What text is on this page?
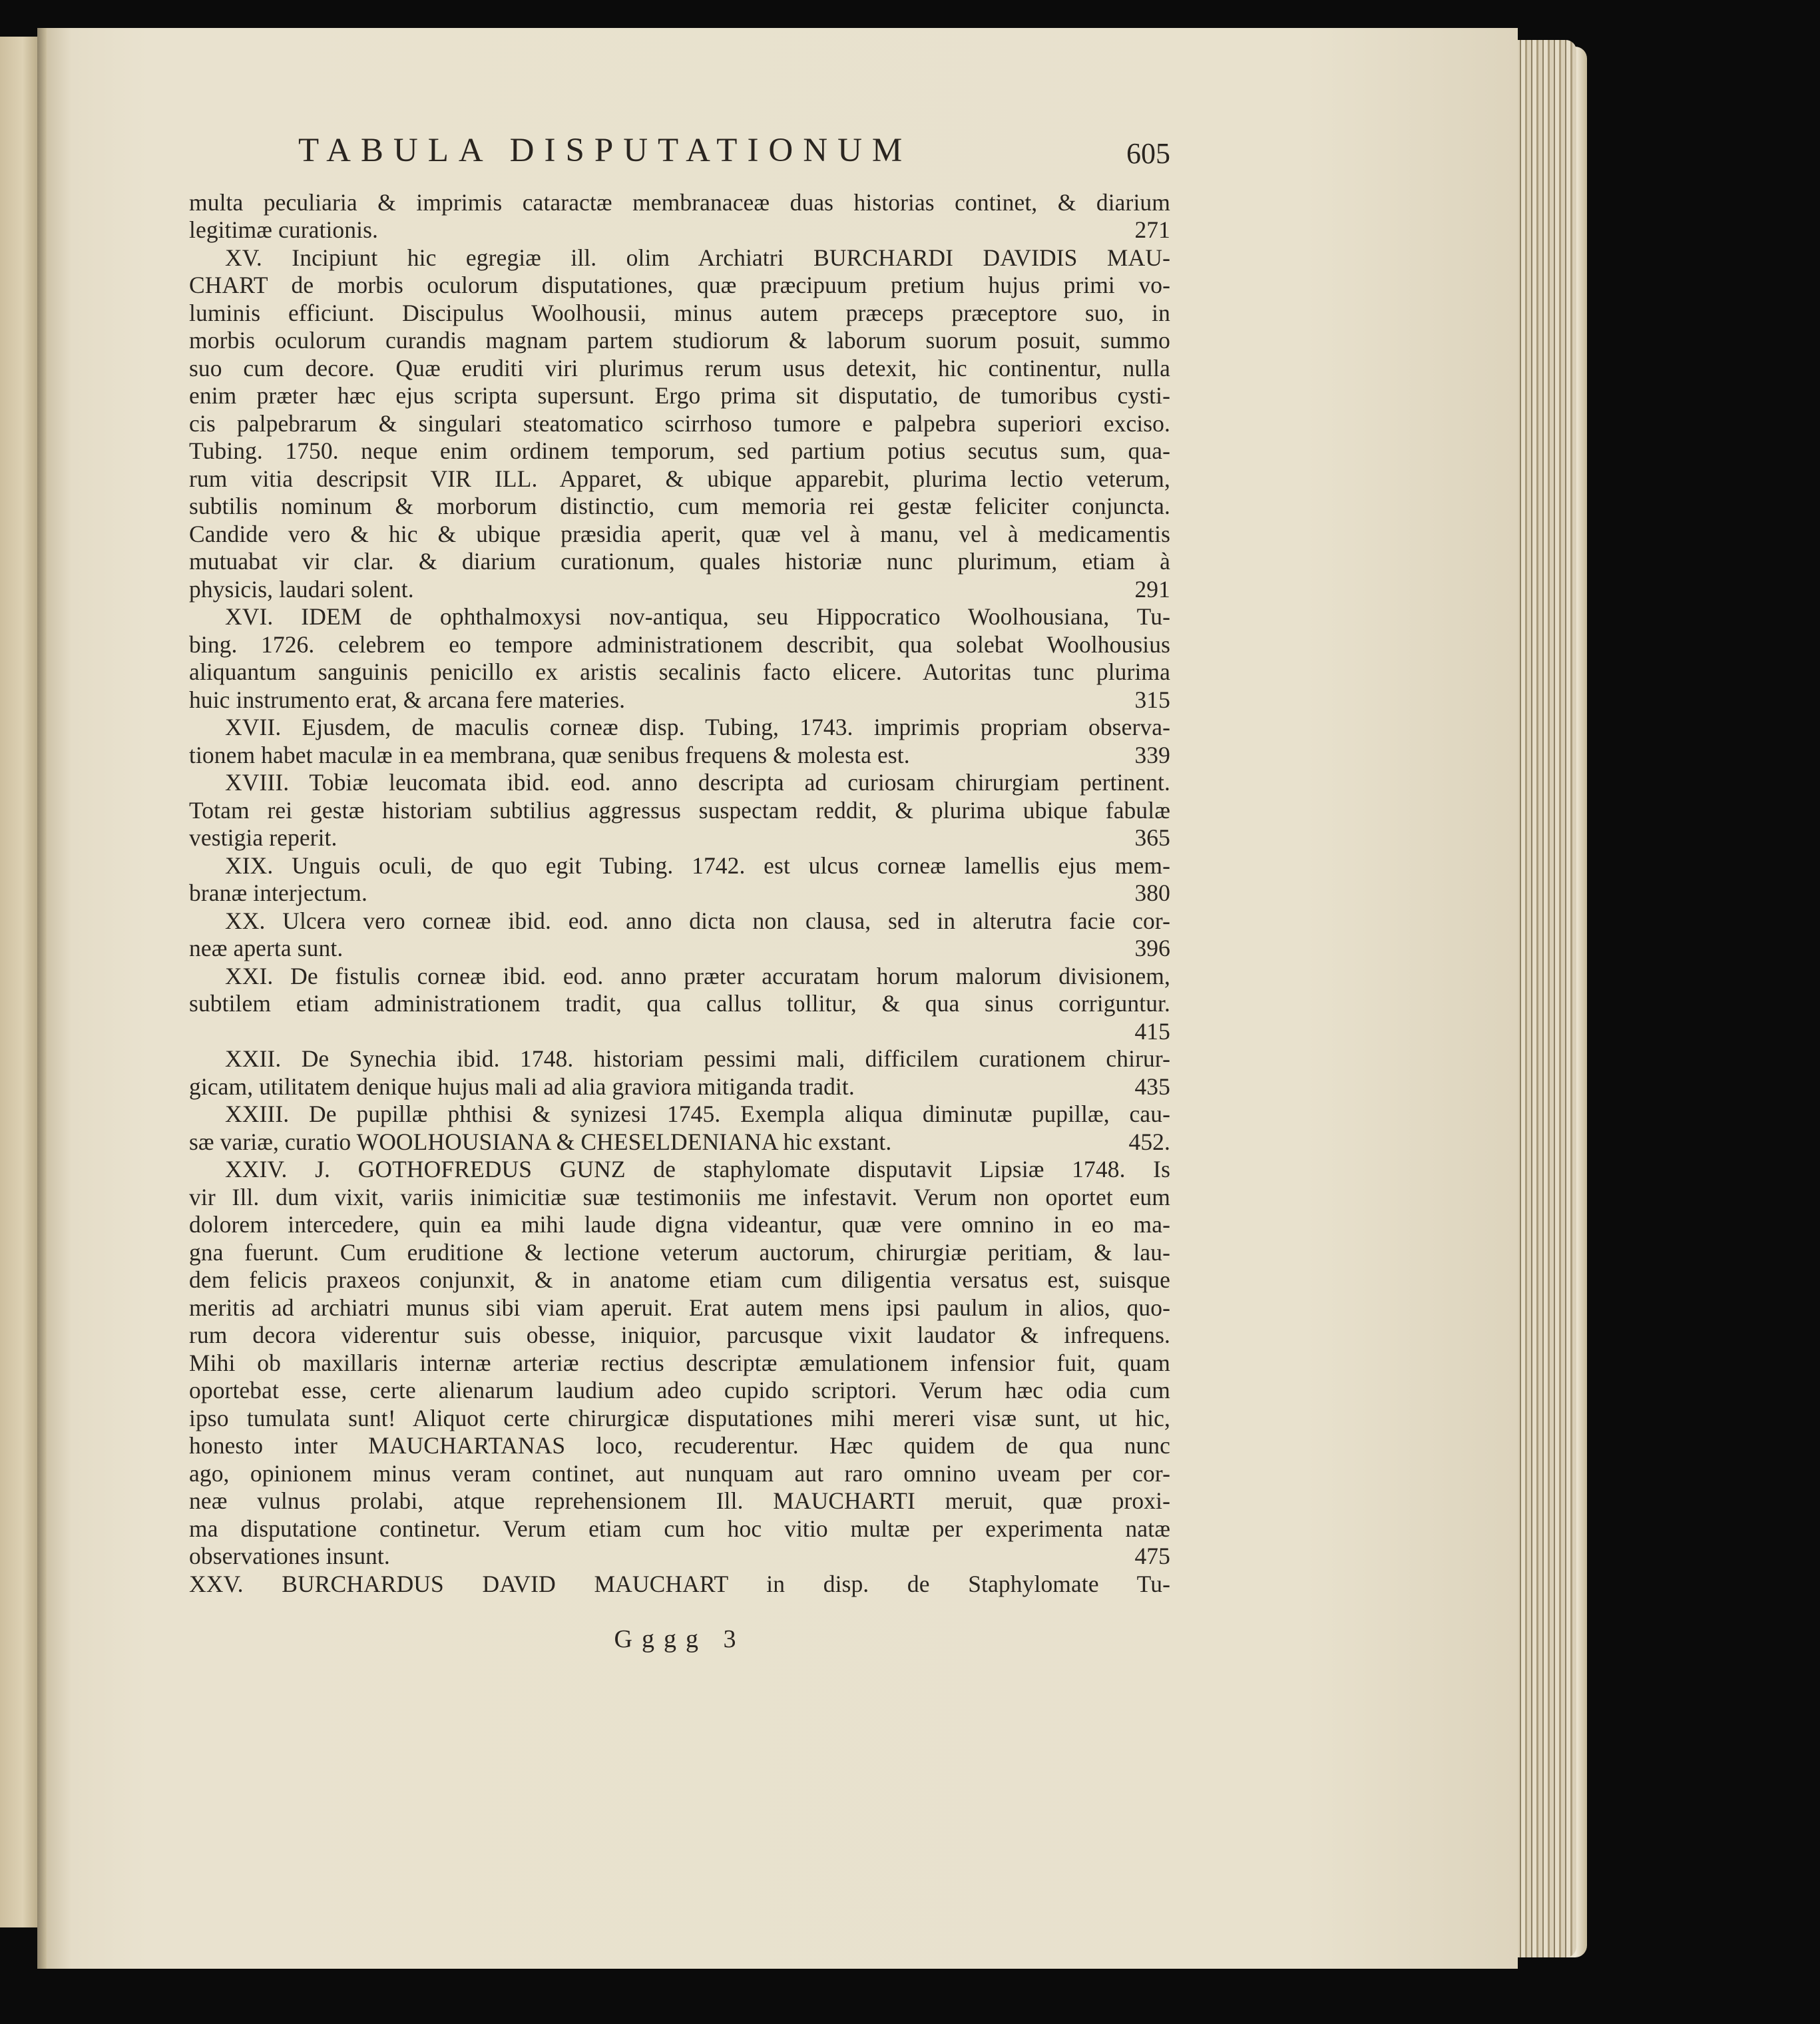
TABULA DISPUTATIONUM	605
multa peculiaria & imprimis cataractæ membranaceæ duas historias continet, & diarium
legitimæ curationis.	271
XV. Incipiunt hic egregiæ ill. olim Archiatri BURCHARDI DAVIDIS MAU-
CHART de morbis oculorum disputationes, quæ præcipuum pretium hujus primi vo-
luminis efficiunt. Discipulus Woolhousii, minus autem præceps præceptore suo, in
morbis oculorum curandis magnam partem studiorum & laborum suorum posuit, summo
suo cum decore. Quæ eruditi viri plurimus rerum usus detexit, hic continentur, nulla
enim præter hæc ejus scripta supersunt. Ergo prima sit disputatio, de tumoribus cysti-
cis palpebrarum & singulari steatomatico scirrhoso tumore e palpebra superiori exciso.
Tubing. 1750. neque enim ordinem temporum, sed partium potius secutus sum, qua-
rum vitia descripsit VIR ILL. Apparet, & ubique apparebit, plurima lectio veterum,
subtilis nominum & morborum distinctio, cum memoria rei gestæ feliciter conjuncta.
Candide vero & hic & ubique præsidia aperit, quæ vel à manu, vel à medicamentis
mutuabat vir clar. & diarium curationum, quales historiæ nunc plurimum, etiam à
physicis, laudari solent.	291
XVI. IDEM de ophthalmoxysi nov-antiqua, seu Hippocratico Woolhousiana, Tu-
bing. 1726. celebrem eo tempore administrationem describit, qua solebat Woolhousius
aliquantum sanguinis penicillo ex aristis secalinis facto elicere. Autoritas tunc plurima
huic instrumento erat, & arcana fere materies.	315
XVII. Ejusdem, de maculis corneæ disp. Tubing, 1743. imprimis propriam observa-
tionem habet maculæ in ea membrana, quæ senibus frequens & molesta est.	339
XVIII. Tobiæ leucomata ibid. eod. anno descripta ad curiosam chirurgiam pertinent.
Totam rei gestæ historiam subtilius aggressus suspectam reddit, & plurima ubique fabulæ
vestigia reperit.	365
XIX. Unguis oculi, de quo egit Tubing. 1742. est ulcus corneæ lamellis ejus mem-
branæ interjectum.	380
XX. Ulcera vero corneæ ibid. eod. anno dicta non clausa, sed in alterutra facie cor-
neæ aperta sunt.	396
XXI. De fistulis corneæ ibid. eod. anno præter accuratam horum malorum divisionem,
subtilem etiam administrationem tradit, qua callus tollitur, & qua sinus corriguntur.
415
XXII. De Synechia ibid. 1748. historiam pessimi mali, difficilem curationem chirur-
gicam, utilitatem denique hujus mali ad alia graviora mitiganda tradit.	435
XXIII. De pupillæ phthisi & synizesi 1745. Exempla aliqua diminutæ pupillæ, cau-
sæ variæ, curatio WOOLHOUSIANA & CHESELDENIANA hic exstant.	452.
XXIV. J. GOTHOFREDUS GUNZ de staphylomate disputavit Lipsiæ 1748. Is
vir Ill. dum vixit, variis inimicitiæ suæ testimoniis me infestavit. Verum non oportet eum
dolorem intercedere, quin ea mihi laude digna videantur, quæ vere omnino in eo ma-
gna fuerunt. Cum eruditione & lectione veterum auctorum, chirurgiæ peritiam, & lau-
dem felicis praxeos conjunxit, & in anatome etiam cum diligentia versatus est, suisque
meritis ad archiatri munus sibi viam aperuit. Erat autem mens ipsi paulum in alios, quo-
rum decora viderentur suis obesse, iniquior, parcusque vixit laudator & infrequens.
Mihi ob maxillaris internæ arteriæ rectius descriptæ æmulationem infensior fuit, quam
oportebat esse, certe alienarum laudium adeo cupido scriptori. Verum hæc odia cum
ipso tumulata sunt! Aliquot certe chirurgicæ disputationes mihi mereri visæ sunt, ut hic,
honesto inter MAUCHARTANAS loco, recuderentur. Hæc quidem de qua nunc
ago, opinionem minus veram continet, aut nunquam aut raro omnino uveam per cor-
neæ vulnus prolabi, atque reprehensionem Ill. MAUCHARTI meruit, quæ proxi-
ma disputatione continetur. Verum etiam cum hoc vitio multæ per experimenta natæ
observationes insunt.	475
XXV. BURCHARDUS DAVID MAUCHART in disp. de Staphylomate Tu-
Gggg 3
